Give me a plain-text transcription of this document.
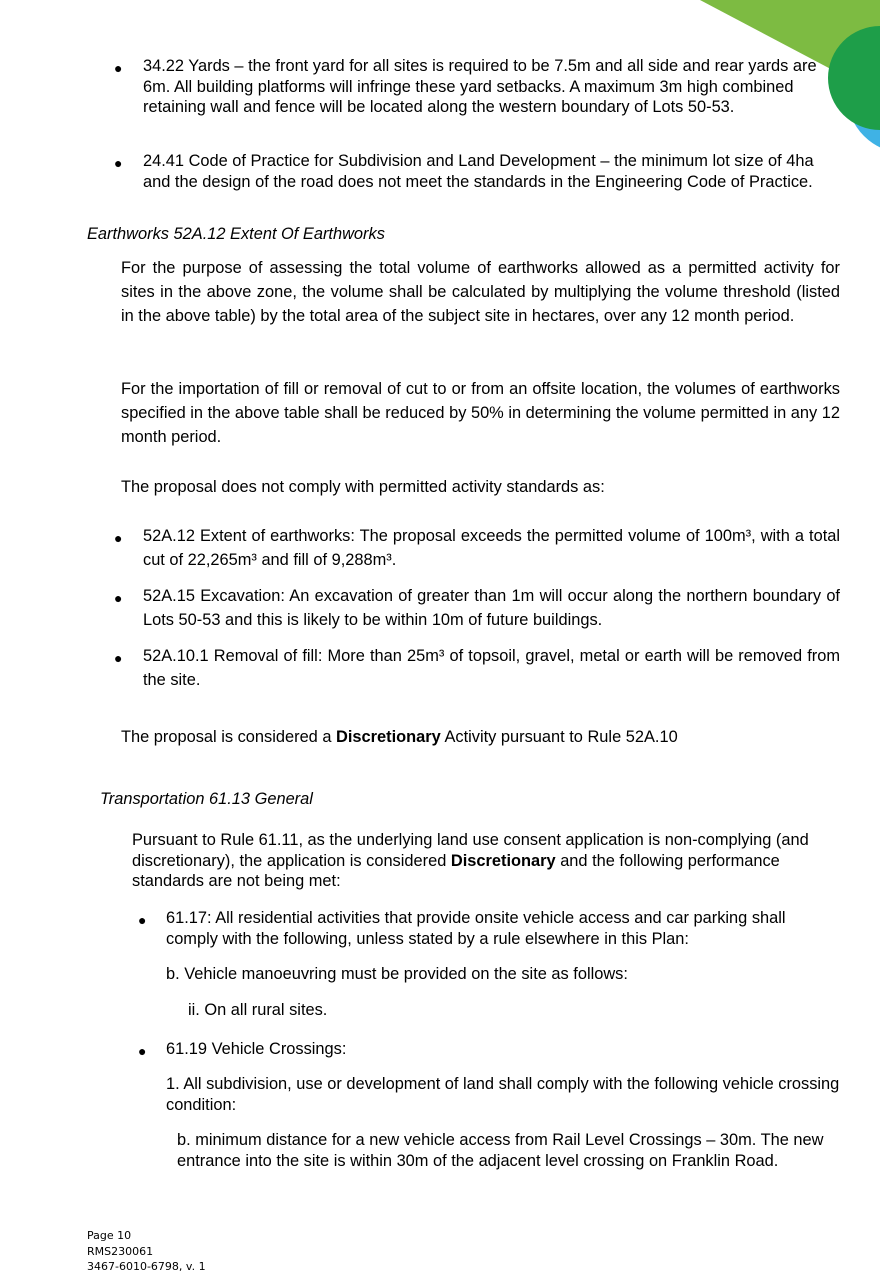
● 34.22 Yards – the front yard for all sites is required to be 7.5m and all side and rear yards are 6m. All building platforms will infringe these yard setbacks. A maximum 3m high combined retaining wall and fence will be located along the western boundary of Lots 50-53.

● 24.41 Code of Practice for Subdivision and Land Development – the minimum lot size of 4ha and the design of the road does not meet the standards in the Engineering Code of Practice.

Earthworks 52A.12 Extent Of Earthworks

For the purpose of assessing the total volume of earthworks allowed as a permitted activity for sites in the above zone, the volume shall be calculated by multiplying the volume threshold (listed in the above table) by the total area of the subject site in hectares, over any 12 month period.

For the importation of fill or removal of cut to or from an offsite location, the volumes of earthworks specified in the above table shall be reduced by 50% in determining the volume permitted in any 12 month period.

The proposal does not comply with permitted activity standards as:

● 52A.12 Extent of earthworks: The proposal exceeds the permitted volume of 100m³, with a total cut of 22,265m³ and fill of 9,288m³.

● 52A.15 Excavation: An excavation of greater than 1m will occur along the northern boundary of Lots 50-53 and this is likely to be within 10m of future buildings.

● 52A.10.1 Removal of fill: More than 25m³ of topsoil, gravel, metal or earth will be removed from the site.

The proposal is considered a Discretionary Activity pursuant to Rule 52A.10

Transportation 61.13 General

Pursuant to Rule 61.11, as the underlying land use consent application is non-complying (and discretionary), the application is considered Discretionary and the following performance standards are not being met:

● 61.17: All residential activities that provide onsite vehicle access and car parking shall comply with the following, unless stated by a rule elsewhere in this Plan:

b. Vehicle manoeuvring must be provided on the site as follows:

ii. On all rural sites.

● 61.19 Vehicle Crossings:

1. All subdivision, use or development of land shall comply with the following vehicle crossing condition:

b. minimum distance for a new vehicle access from Rail Level Crossings – 30m. The new entrance into the site is within 30m of the adjacent level crossing on Franklin Road.

Page 10
RMS230061
3467-6010-6798, v. 1
